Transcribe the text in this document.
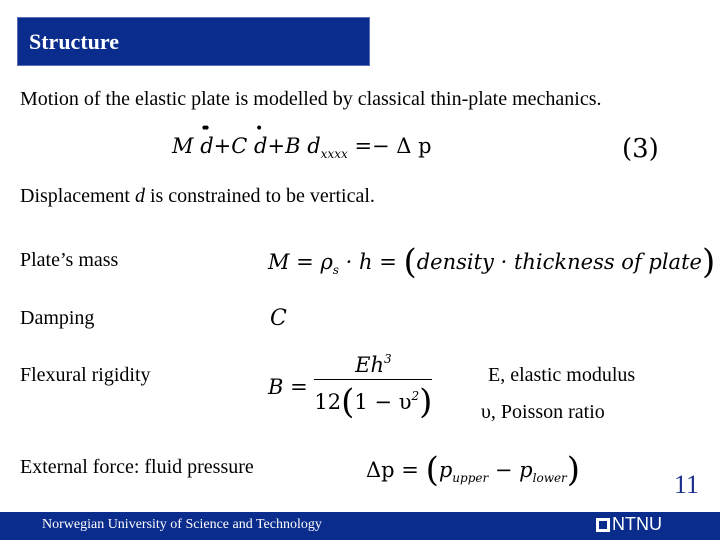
Structure
Motion of the elastic plate is modelled by classical thin-plate mechanics.
M
••
d+C
•
d+B $d_{xxxx} =- \Delta$ p	(3)
Displacement d is constrained to be vertical.
Plate’s mass	$M = \rho_s \cdot h$ = (density · thickness of plate)
Damping	C
Flexural rigidity	$B = \frac{Eh^3}{12(1 - \upsilon^2)}$	E, elastic modulus
υ, Poisson ratio
External force: fluid pressure	$\Delta p = (p_{upper} - p_{lower})$	11
Norwegian University of Science and Technology	NTNU
